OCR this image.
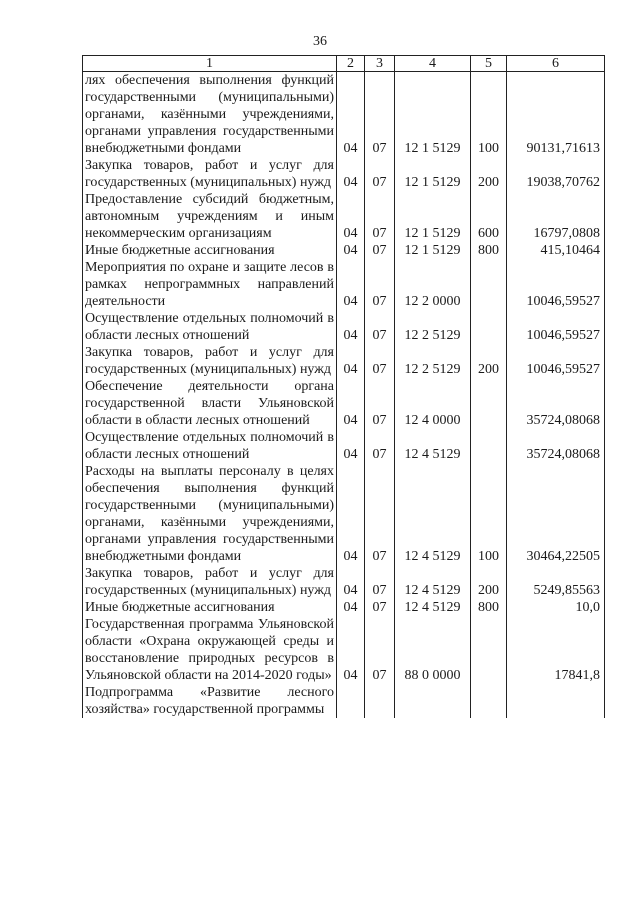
36
1	2	3	4	5	6
лях обеспечения выполнения функций государственными (муниципальными) органами, казёнными учреждениями, органами управления государственными внебюджетными фондами	04	07	12 1 5129	100	90131,71613
Закупка товаров, работ и услуг для государственных (муниципальных) нужд	04	07	12 1 5129	200	19038,70762
Предоставление субсидий бюджетным, автономным учреждениям и иным некоммерческим организациям	04	07	12 1 5129	600	16797,0808
Иные бюджетные ассигнования	04	07	12 1 5129	800	415,10464
Мероприятия по охране и защите лесов в рамках непрограммных направлений деятельности	04	07	12 2 0000		10046,59527
Осуществление отдельных полномочий в области лесных отношений	04	07	12 2 5129		10046,59527
Закупка товаров, работ и услуг для государственных (муниципальных) нужд	04	07	12 2 5129	200	10046,59527
Обеспечение деятельности органа государственной власти Ульяновской области в области лесных отношений	04	07	12 4 0000		35724,08068
Осуществление отдельных полномочий в области лесных отношений	04	07	12 4 5129		35724,08068
Расходы на выплаты персоналу в целях обеспечения выполнения функций государственными (муниципальными) органами, казёнными учреждениями, органами управления государственными внебюджетными фондами	04	07	12 4 5129	100	30464,22505
Закупка товаров, работ и услуг для государственных (муниципальных) нужд	04	07	12 4 5129	200	5249,85563
Иные бюджетные ассигнования	04	07	12 4 5129	800	10,0
Государственная программа Ульяновской области «Охрана окружающей среды и восстановление природных ресурсов в Ульяновской области на 2014-2020 годы»	04	07	88 0 0000		17841,8
Подпрограмма «Развитие лесного хозяйства» государственной программы					
